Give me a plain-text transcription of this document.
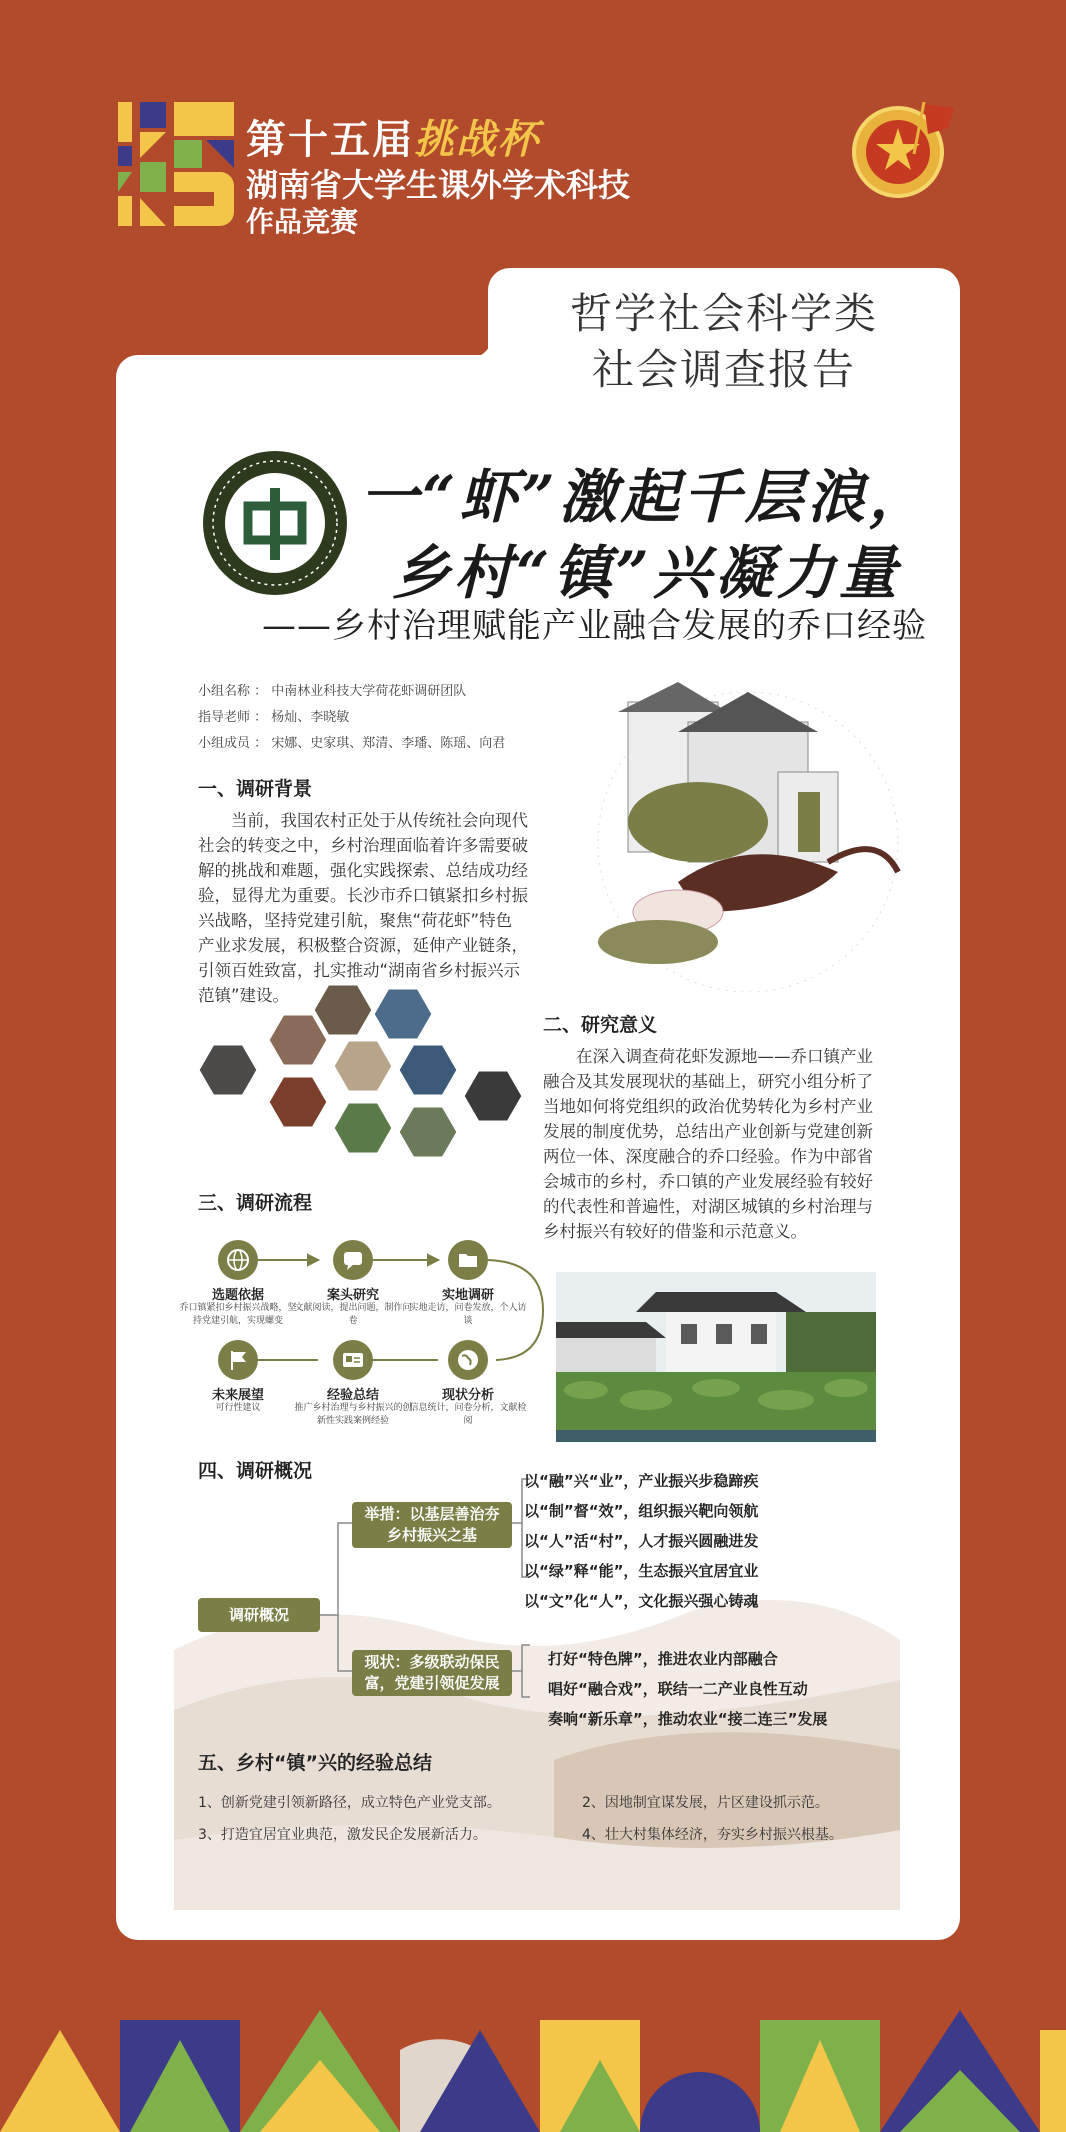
第十五届挑战杯
湖南省大学生课外学术科技
作品竞赛
哲学社会科学类
社会调查报告
一“虾”激起千层浪，
乡村“镇”兴凝力量
——乡村治理赋能产业融合发展的乔口经验
小组名称 ： 中南林业科技大学荷花虾调研团队
指导老师 ： 杨灿、李晓敏
小组成员 ： 宋娜、史家琪、郑清、李璠、陈瑶、向君
一、调研背景
当前，我国农村正处于从传统社会向现代
社会的转变之中，乡村治理面临着许多需要破
解的挑战和难题，强化实践探索、总结成功经
验，显得尤为重要。长沙市乔口镇紧扣乡村振
兴战略，坚持党建引航，聚焦“荷花虾”特色
产业求发展，积极整合资源，延伸产业链条，
引领百姓致富，扎实推动“湖南省乡村振兴示
范镇”建设。
二、研究意义
在深入调查荷花虾发源地——乔口镇产业
融合及其发展现状的基础上，研究小组分析了
当地如何将党组织的政治优势转化为乡村产业
发展的制度优势，总结出产业创新与党建创新
两位一体、深度融合的乔口经验。作为中部省
会城市的乡村，乔口镇的产业发展经验有较好
的代表性和普遍性，对湖区城镇的乡村治理与
乡村振兴有较好的借鉴和示范意义。
三、调研流程
选题依据
乔口镇紧扣乡村振兴战略，坚持党建引航，实现螺变
案头研究
文献阅读，提出问题，制作问卷
实地调研
实地走访，问卷发放，个人访谈
现状分析
信息统计，问卷分析，文献检阅
经验总结
推广乡村治理与乡村振兴的创新性实践案例经验
未来展望
可行性建议
四、调研概况
调研概况
举措：以基层善治夯
乡村振兴之基
现状：多级联动保民
富，党建引领促发展
以“融”兴“业”，产业振兴步稳蹄疾
以“制”督“效”，组织振兴靶向领航
以“人”活“村”，人才振兴圆融进发
以“绿”释“能”，生态振兴宜居宜业
以“文”化“人”，文化振兴强心铸魂
打好“特色牌”，推进农业内部融合
唱好“融合戏”，联结一二产业良性互动
奏响“新乐章”，推动农业“接二连三”发展
五、乡村“镇”兴的经验总结
1、创新党建引领新路径，成立特色产业党支部。	2、因地制宜谋发展，片区建设抓示范。
3、打造宜居宜业典范，激发民企发展新活力。	4、壮大村集体经济，夯实乡村振兴根基。
